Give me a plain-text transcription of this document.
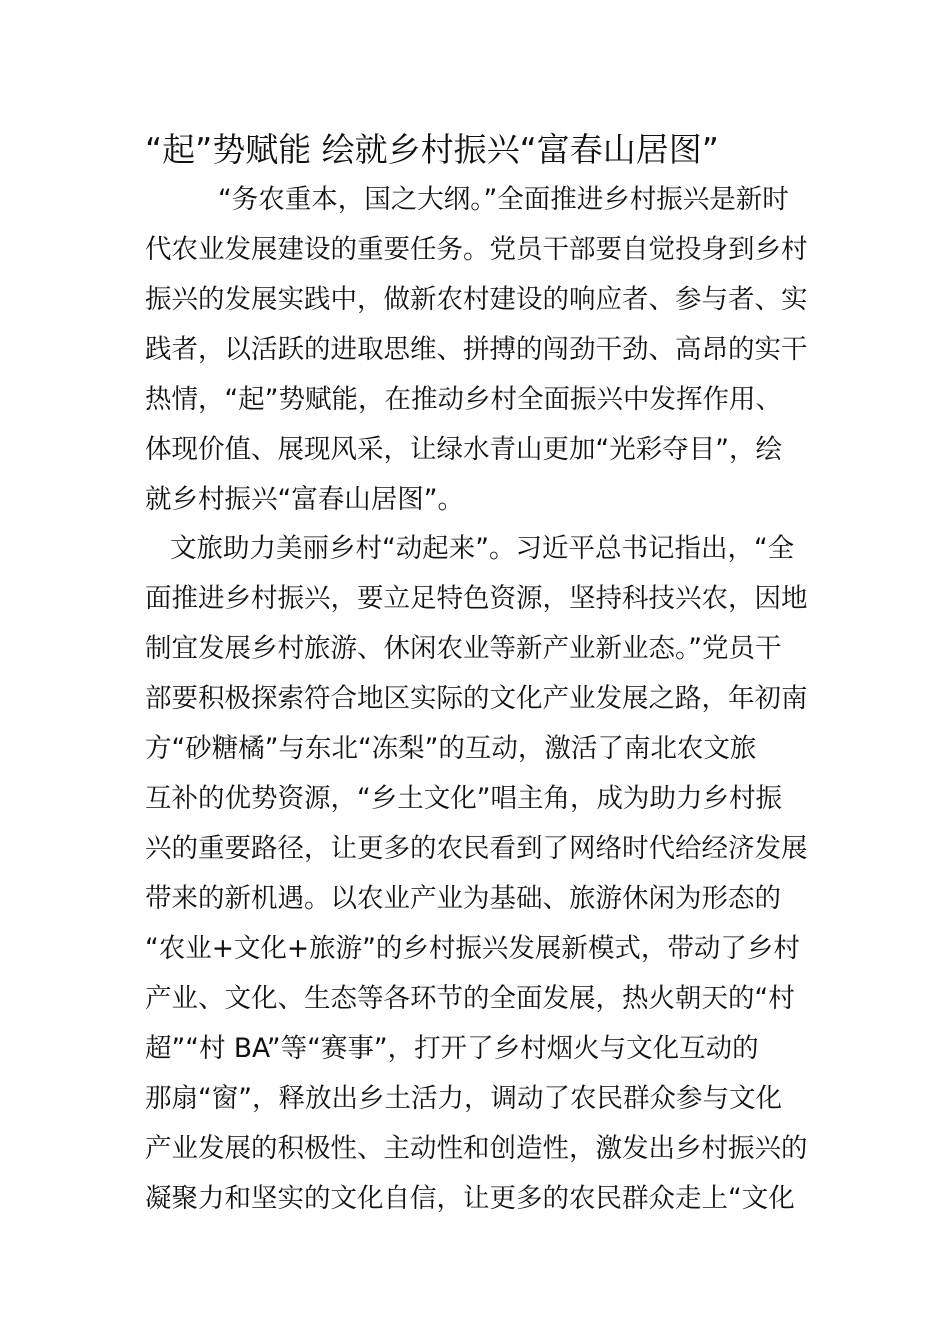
“起”势赋能 绘就乡村振兴“富春山居图”

“务农重本，国之大纲。”全面推进乡村振兴是新时

代农业发展建设的重要任务。党员干部要自觉投身到乡村

振兴的发展实践中，做新农村建设的响应者、参与者、实

践者，以活跃的进取思维、拼搏的闯劲干劲、高昂的实干

热情，“起”势赋能，在推动乡村全面振兴中发挥作用、

体现价值、展现风采，让绿水青山更加“光彩夺目”，绘

就乡村振兴“富春山居图”。

文旅助力美丽乡村“动起来”。习近平总书记指出，“全

面推进乡村振兴，要立足特色资源，坚持科技兴农，因地

制宜发展乡村旅游、休闲农业等新产业新业态。”党员干

部要积极探索符合地区实际的文化产业发展之路，年初南

方“砂糖橘”与东北“冻梨”的互动，激活了南北农文旅

互补的优势资源，“乡土文化”唱主角，成为助力乡村振

兴的重要路径，让更多的农民看到了网络时代给经济发展

带来的新机遇。以农业产业为基础、旅游休闲为形态的

“农业+文化+旅游”的乡村振兴发展新模式，带动了乡村

产业、文化、生态等各环节的全面发展，热火朝天的“村

超”“村 BA”等“赛事”，打开了乡村烟火与文化互动的

那扇“窗”，释放出乡土活力，调动了农民群众参与文化

产业发展的积极性、主动性和创造性，激发出乡村振兴的

凝聚力和坚实的文化自信，让更多的农民群众走上“文化
